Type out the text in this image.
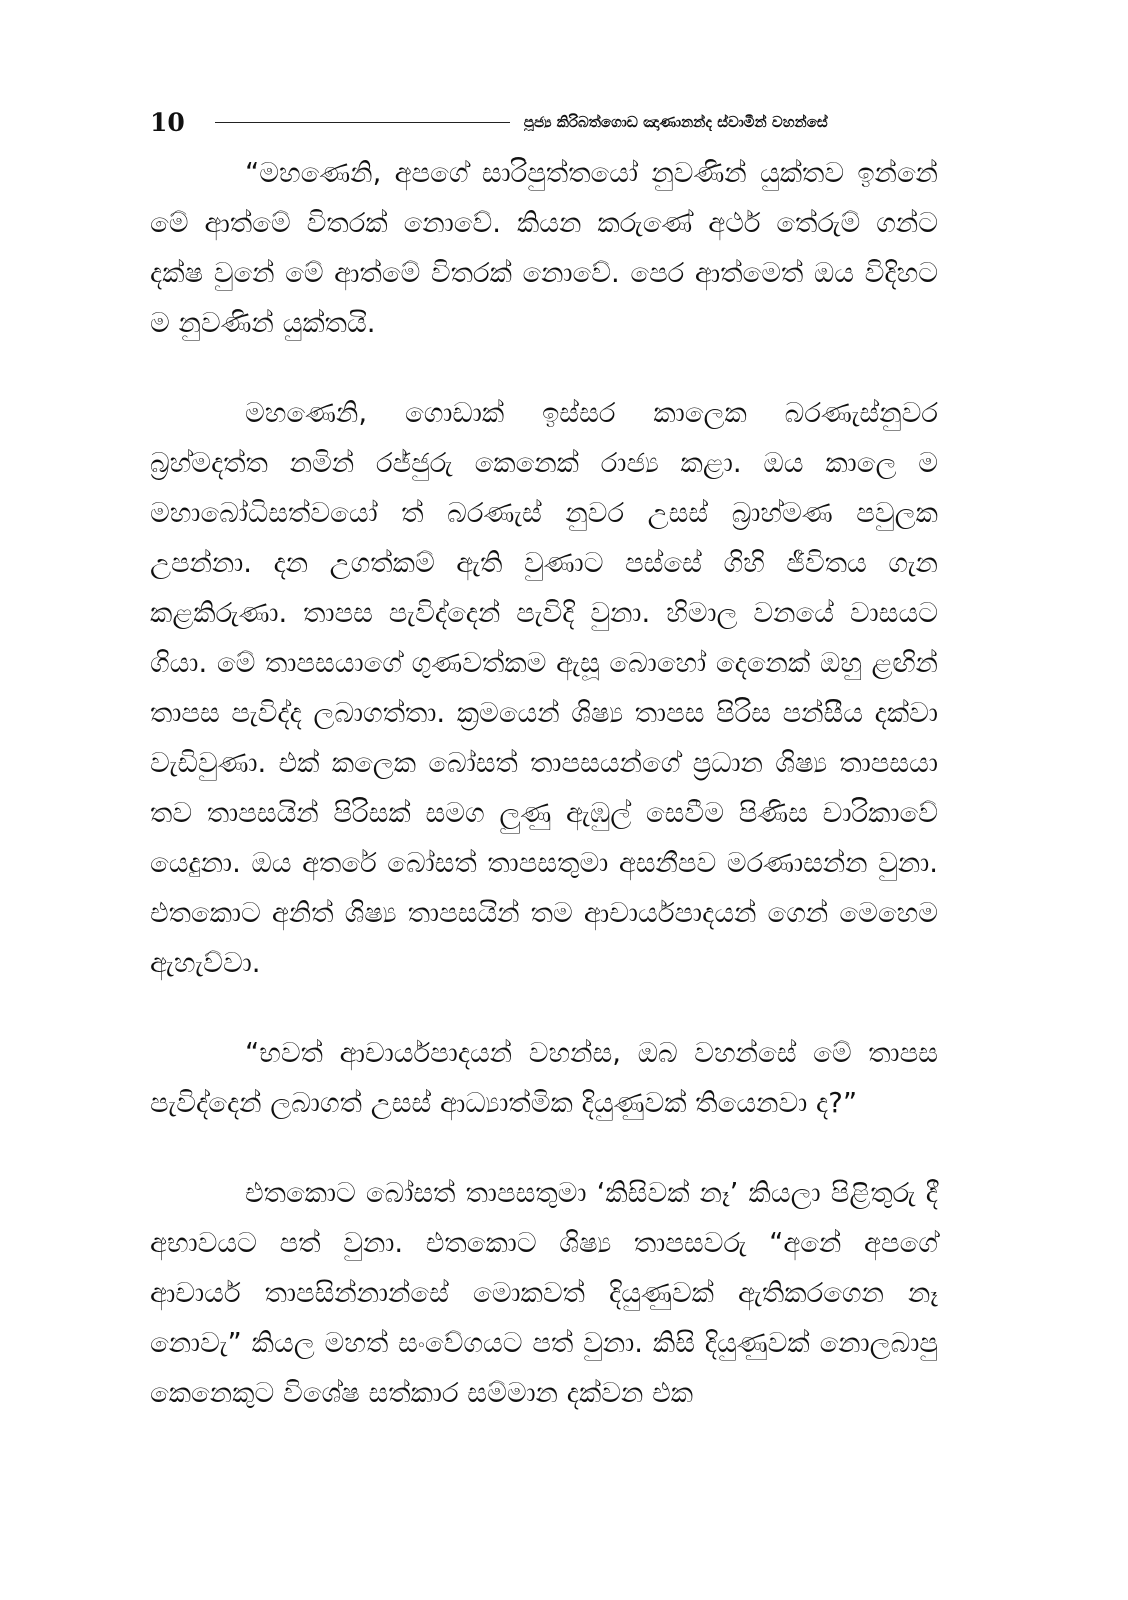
10	පූජ්‍ය කිරිබත්ගොඩ ඤාණානන්ද ස්වාමීන් වහන්සේ

“මහණෙනි, අපගේ සාරිපුත්තයෝ නුවණින් යුක්තව ඉන්නේ මේ ආත්මේ විතරක් නොවේ. කියන කරුණේ අර්ථ තේරුම් ගන්ට දක්ෂ වුනේ මේ ආත්මේ විතරක් නොවේ. පෙර ආත්මෙත් ඔය විදිහට ම නුවණින් යුක්තයි.

මහණෙනි, ගොඩාක් ඉස්සර කාලෙක බරණැස්නුවර බ්‍රහ්මදත්ත නමින් රජ්ජුරු කෙනෙක් රාජ්‍ය කළා. ඔය කාලෙ ම මහාබෝධිසත්වයෝ ත් බරණැස් නුවර උසස් බ්‍රාහ්මණ පවුලක උපන්නා. දන උගත්කම් ඇති වුණාට පස්සේ ගිහි ජීවිතය ගැන කළකිරුණා. තාපස පැවිද්දෙන් පැවිදි වුනා. හිමාල වනයේ වාසයට ගියා. මේ තාපසයාගේ ගුණවත්කම ඇසූ බොහෝ දෙනෙක් ඔහු ළඟින් තාපස පැවිද්ද ලබාගත්තා. ක්‍රමයෙන් ශිෂ්‍ය තාපස පිරිස පන්සීය දක්වා වැඩිවුණා. එක් කලෙක බෝසත් තාපසයන්ගේ ප්‍රධාන ශිෂ්‍ය තාපසයා තව තාපසයින් පිරිසක් සමග ලුණු ඇඹුල් සෙවීම පිණිස චාරිකාවේ යෙදුනා. ඔය අතරේ බෝසත් තාපසතුමා අසනීපව මරණාසන්න වුනා. එතකොට අනිත් ශිෂ්‍ය තාපසයින් තම ආචාර්යපාදයන් ගෙන් මෙහෙම ඇහැව්වා.

“භවත් ආචාර්යපාදයන් වහන්ස, ඔබ වහන්සේ මේ තාපස පැවිද්දෙන් ලබාගත් උසස් ආධ්‍යාත්මික දියුණුවක් තියෙනවා ද?”

එතකොට බෝසත් තාපසතුමා ‘කිසිවක් නෑ’ කියලා පිළිතුරු දී අභාවයට පත් වුනා. එතකොට ශිෂ්‍ය තාපසවරු “අනේ අපගේ ආචාර්ය තාපසින්නාන්සේ මොකවත් දියුණුවක් ඇතිකරගෙන නෑ නොවැ” කියල මහත් සංවේගයට පත් වුනා. කිසි දියුණුවක් නොලබාපු කෙනෙකුට විශේෂ සත්කාර සම්මාන දක්වන එක
